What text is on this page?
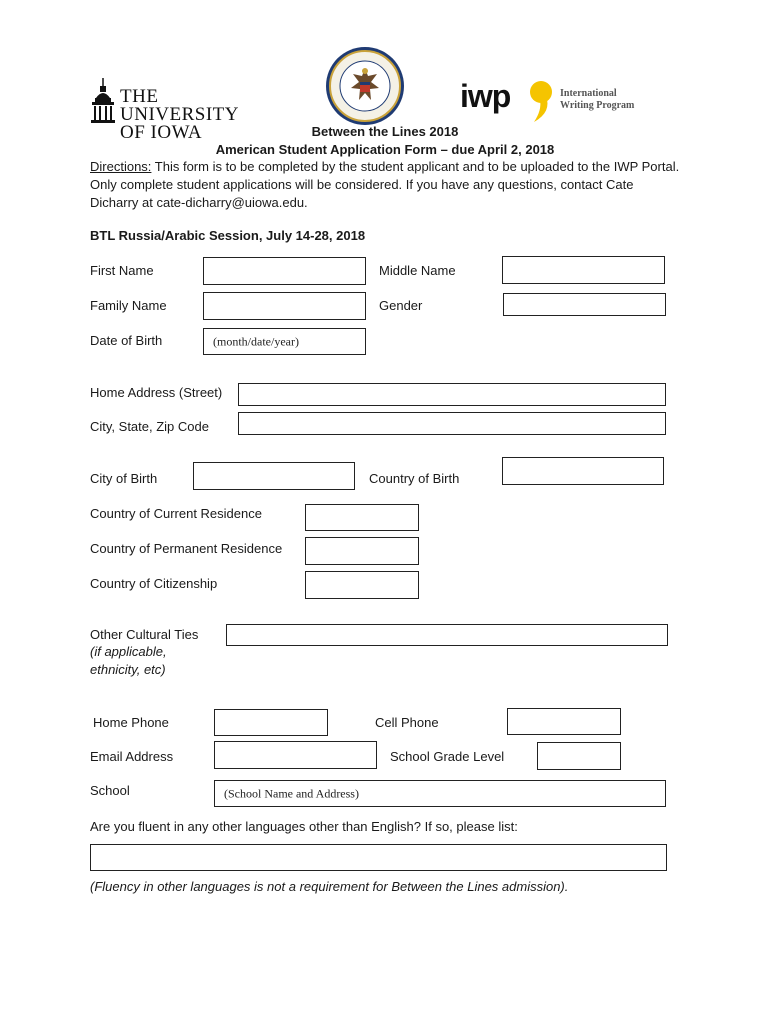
THE UNIVERSITY
OF IOWA
iwp	International
Writing Program
Between the Lines 2018
American Student Application Form – due April 2, 2018
Directions: This form is to be completed by the student applicant and to be uploaded to the IWP Portal. Only complete student applications will be considered. If you have any questions, contact Cate Dicharry at cate-dicharry@uiowa.edu.
BTL Russia/Arabic Session, July 14-28, 2018
First Name	Middle Name
Family Name	Gender
Date of Birth	(month/date/year)
Home Address (Street)
City, State, Zip Code
City of Birth	Country of Birth
Country of Current Residence
Country of Permanent Residence
Country of Citizenship
Other Cultural Ties
(if applicable,
ethnicity, etc)
Home Phone	Cell Phone
Email Address	School Grade Level
School	(School Name and Address)
Are you fluent in any other languages other than English? If so, please list:
(Fluency in other languages is not a requirement for Between the Lines admission).
